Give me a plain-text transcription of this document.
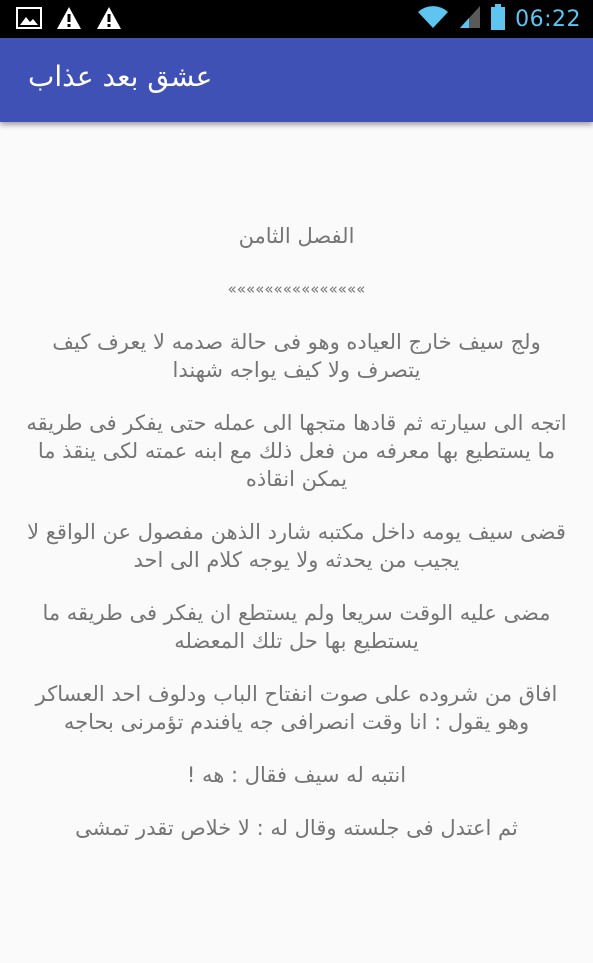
06:22
عشق بعد عذاب

الفصل الثامن

»»»»»»»»»»»»»»»

ولج سيف خارج العياده وهو فى حالة صدمه لا يعرف كيف يتصرف ولا كيف يواجه شهندا

اتجه الى سيارته ثم قادها متجها الى عمله حتى يفكر فى طريقه ما يستطيع بها معرفه من فعل ذلك مع ابنه عمته لكى ينقذ ما يمكن انقاذه

قضى سيف يومه داخل مكتبه شارد الذهن مفصول عن الواقع لا يجيب من يحدثه ولا يوجه كلام الى احد

مضى عليه الوقت سريعا ولم يستطع ان يفكر فى طريقه ما يستطيع بها حل تلك المعضله

افاق من شروده على صوت انفتاح الباب ودلوف احد العساكر وهو يقول : انا وقت انصرافى جه يافندم تؤمرنى بحاجه

انتبه له سيف فقال : هه !

ثم اعتدل فى جلسته وقال له : لا خلاص تقدر تمشى
